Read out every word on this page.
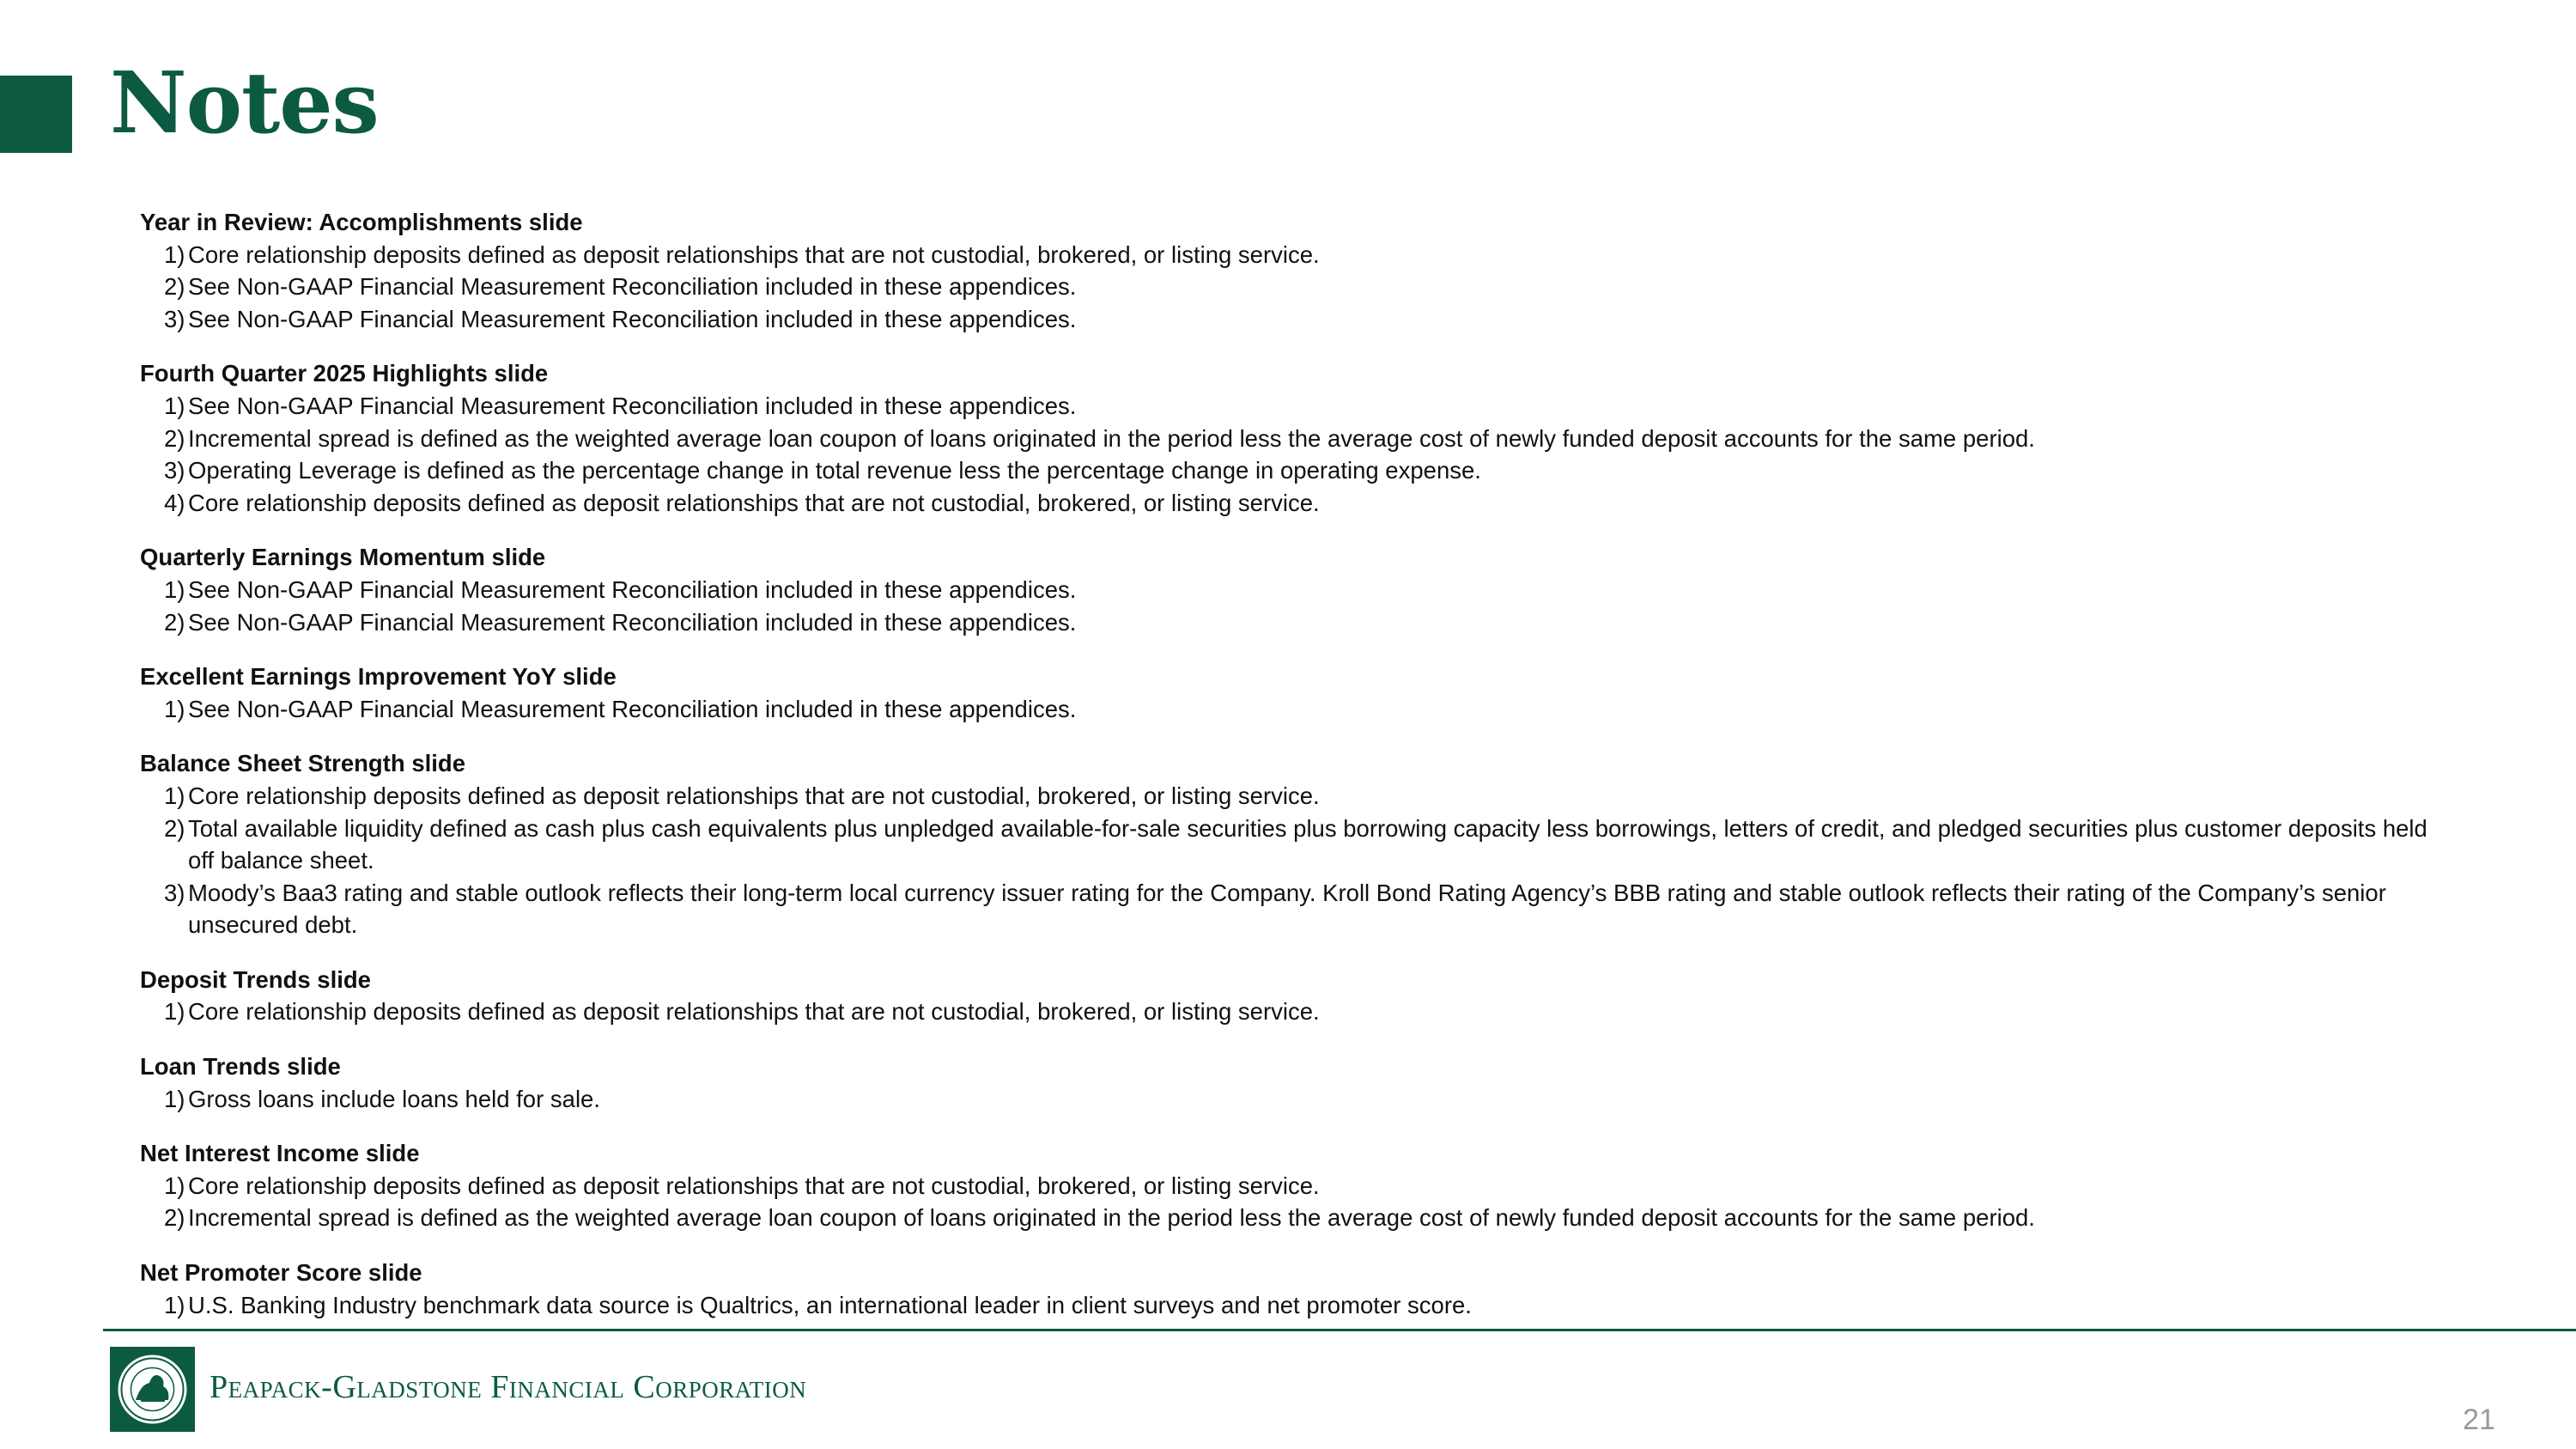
Notes
Year in Review: Accomplishments slide
1) Core relationship deposits defined as deposit relationships that are not custodial, brokered, or listing service.
2) See Non-GAAP Financial Measurement Reconciliation included in these appendices.
3) See Non-GAAP Financial Measurement Reconciliation included in these appendices.
Fourth Quarter 2025 Highlights slide
1) See Non-GAAP Financial Measurement Reconciliation included in these appendices.
2) Incremental spread is defined as the weighted average loan coupon of loans originated in the period less the average cost of newly funded deposit accounts for the same period.
3) Operating Leverage is defined as the percentage change in total revenue less the percentage change in operating expense.
4) Core relationship deposits defined as deposit relationships that are not custodial, brokered, or listing service.
Quarterly Earnings Momentum slide
1) See Non-GAAP Financial Measurement Reconciliation included in these appendices.
2) See Non-GAAP Financial Measurement Reconciliation included in these appendices.
Excellent Earnings Improvement YoY slide
1) See Non-GAAP Financial Measurement Reconciliation included in these appendices.
Balance Sheet Strength slide
1) Core relationship deposits defined as deposit relationships that are not custodial, brokered, or listing service.
2) Total available liquidity defined as cash plus cash equivalents plus unpledged available-for-sale securities plus borrowing capacity less borrowings, letters of credit, and pledged securities plus customer deposits held off balance sheet.
3) Moody’s Baa3 rating and stable outlook reflects their long-term local currency issuer rating for the Company. Kroll Bond Rating Agency’s BBB rating and stable outlook reflects their rating of the Company’s senior unsecured debt.
Deposit Trends slide
1) Core relationship deposits defined as deposit relationships that are not custodial, brokered, or listing service.
Loan Trends slide
1) Gross loans include loans held for sale.
Net Interest Income slide
1) Core relationship deposits defined as deposit relationships that are not custodial, brokered, or listing service.
2) Incremental spread is defined as the weighted average loan coupon of loans originated in the period less the average cost of newly funded deposit accounts for the same period.
Net Promoter Score slide
1) U.S. Banking Industry benchmark data source is Qualtrics, an international leader in client surveys and net promoter score.
Peapack-Gladstone Financial Corporation
21
